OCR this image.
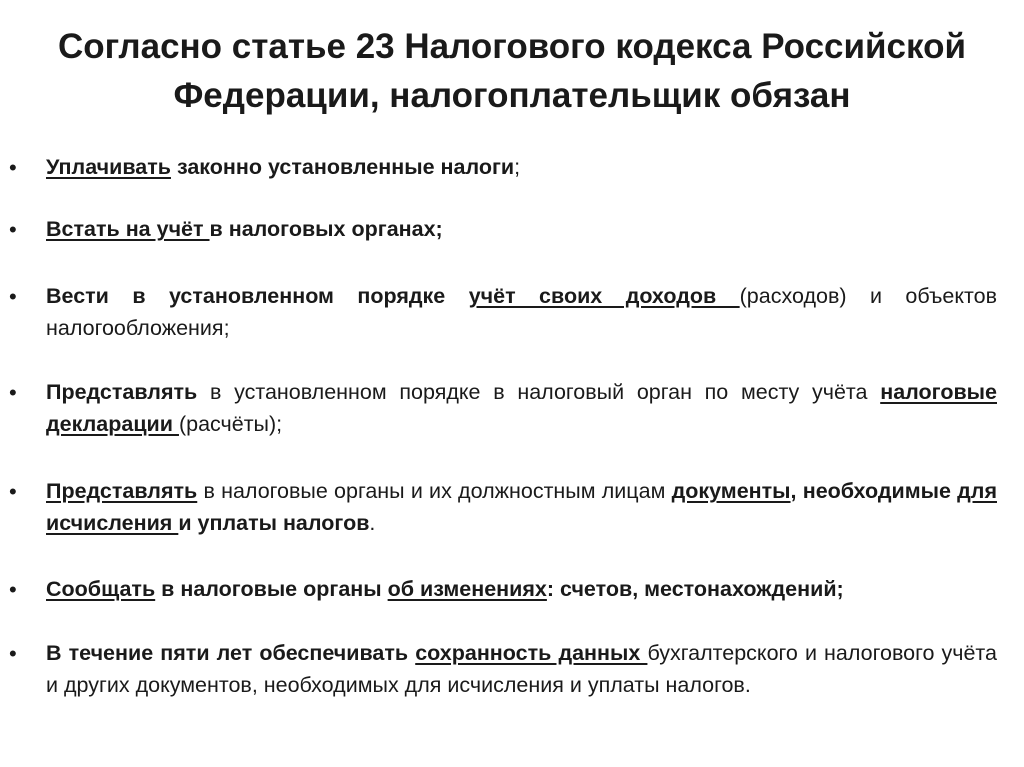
Согласно статье 23 Налогового кодекса Российской
Федерации, налогоплательщик обязан
• Уплачивать законно установленные налоги;
• Встать на учёт в налоговых органах;
• Вести в установленном порядке учёт своих доходов (расходов) и объектов налогообложения;
• Представлять в установленном порядке в налоговый орган по месту учёта налоговые декларации (расчёты);
• Представлять в налоговые органы и их должностным лицам документы, необходимые для исчисления и уплаты налогов.
• Сообщать в налоговые органы об изменениях: счетов, местонахождений;
• В течение пяти лет обеспечивать сохранность данных бухгалтерского и налогового учёта и других документов, необходимых для исчисления и уплаты налогов.
